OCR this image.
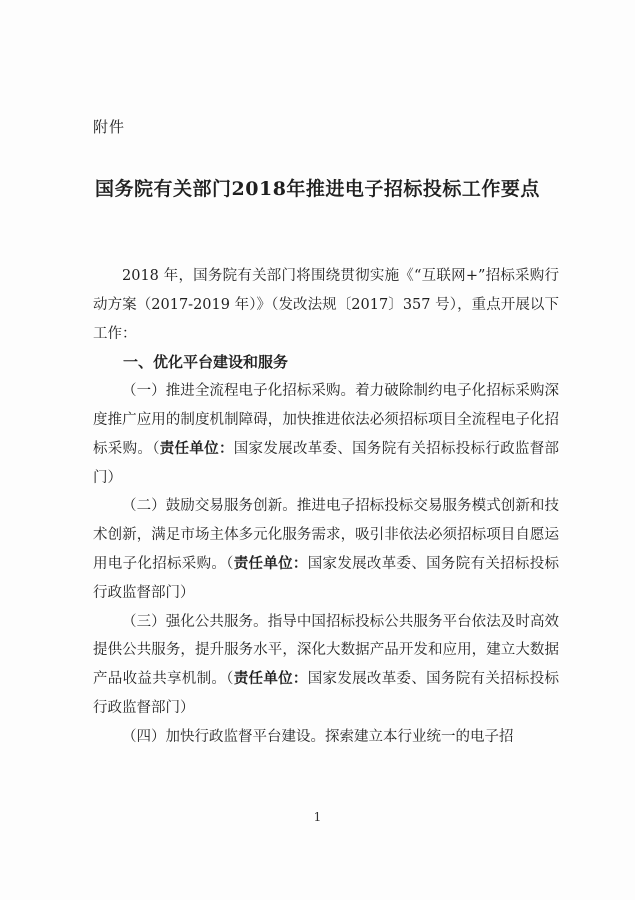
附件
国务院有关部门2018年推进电子招标投标工作要点

2018 年，国务院有关部门将围绕贯彻实施《“互联网+”招标采购行动方案（2017-2019 年）》（发改法规〔2017〕357 号），重点开展以下工作：

一、优化平台建设和服务

（一）推进全流程电子化招标采购。着力破除制约电子化招标采购深度推广应用的制度机制障碍，加快推进依法必须招标项目全流程电子化招标采购。（责任单位：国家发展改革委、国务院有关招标投标行政监督部门）

（二）鼓励交易服务创新。推进电子招标投标交易服务模式创新和技术创新，满足市场主体多元化服务需求，吸引非依法必须招标项目自愿运用电子化招标采购。（责任单位：国家发展改革委、国务院有关招标投标行政监督部门）

（三）强化公共服务。指导中国招标投标公共服务平台依法及时高效提供公共服务，提升服务水平，深化大数据产品开发和应用，建立大数据产品收益共享机制。（责任单位：国家发展改革委、国务院有关招标投标行政监督部门）

（四）加快行政监督平台建设。探索建立本行业统一的电子招

1
